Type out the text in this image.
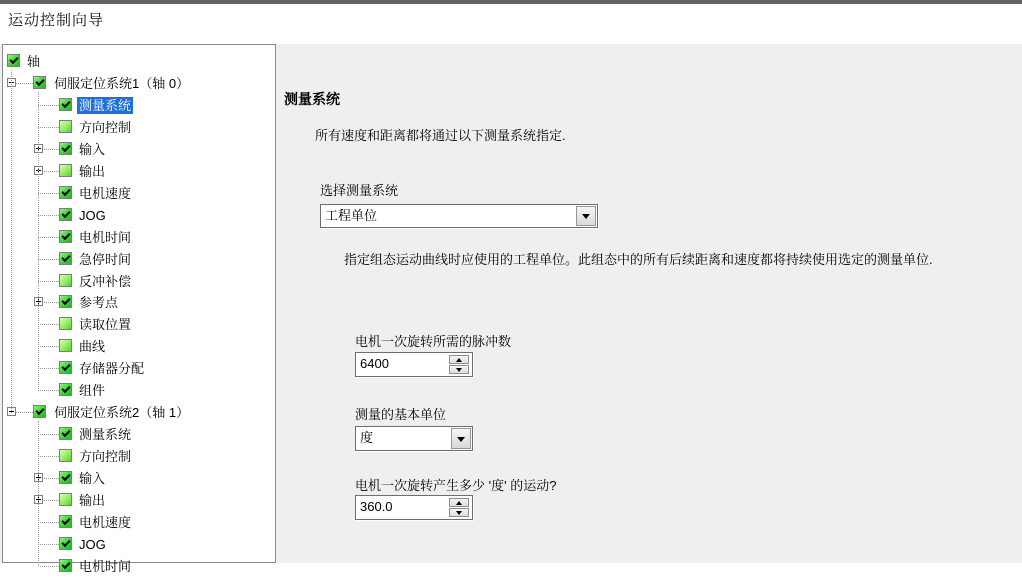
运动控制向导
测量系统
所有速度和距离都将通过以下测量系统指定.
选择测量系统
工程单位
指定组态运动曲线时应使用的工程单位。此组态中的所有后续距离和速度都将持续使用选定的测量单位.
电机一次旋转所需的脉冲数
6400
测量的基本单位
度
电机一次旋转产生多少 '度' 的运动?
360.0
轴
伺服定位系统1（轴 0）
测量系统
方向控制
输入
输出
电机速度
JOG
电机时间
急停时间
反冲补偿
参考点
读取位置
曲线
存储器分配
组件
伺服定位系统2（轴 1）
测量系统
方向控制
输入
输出
电机速度
JOG
电机时间
